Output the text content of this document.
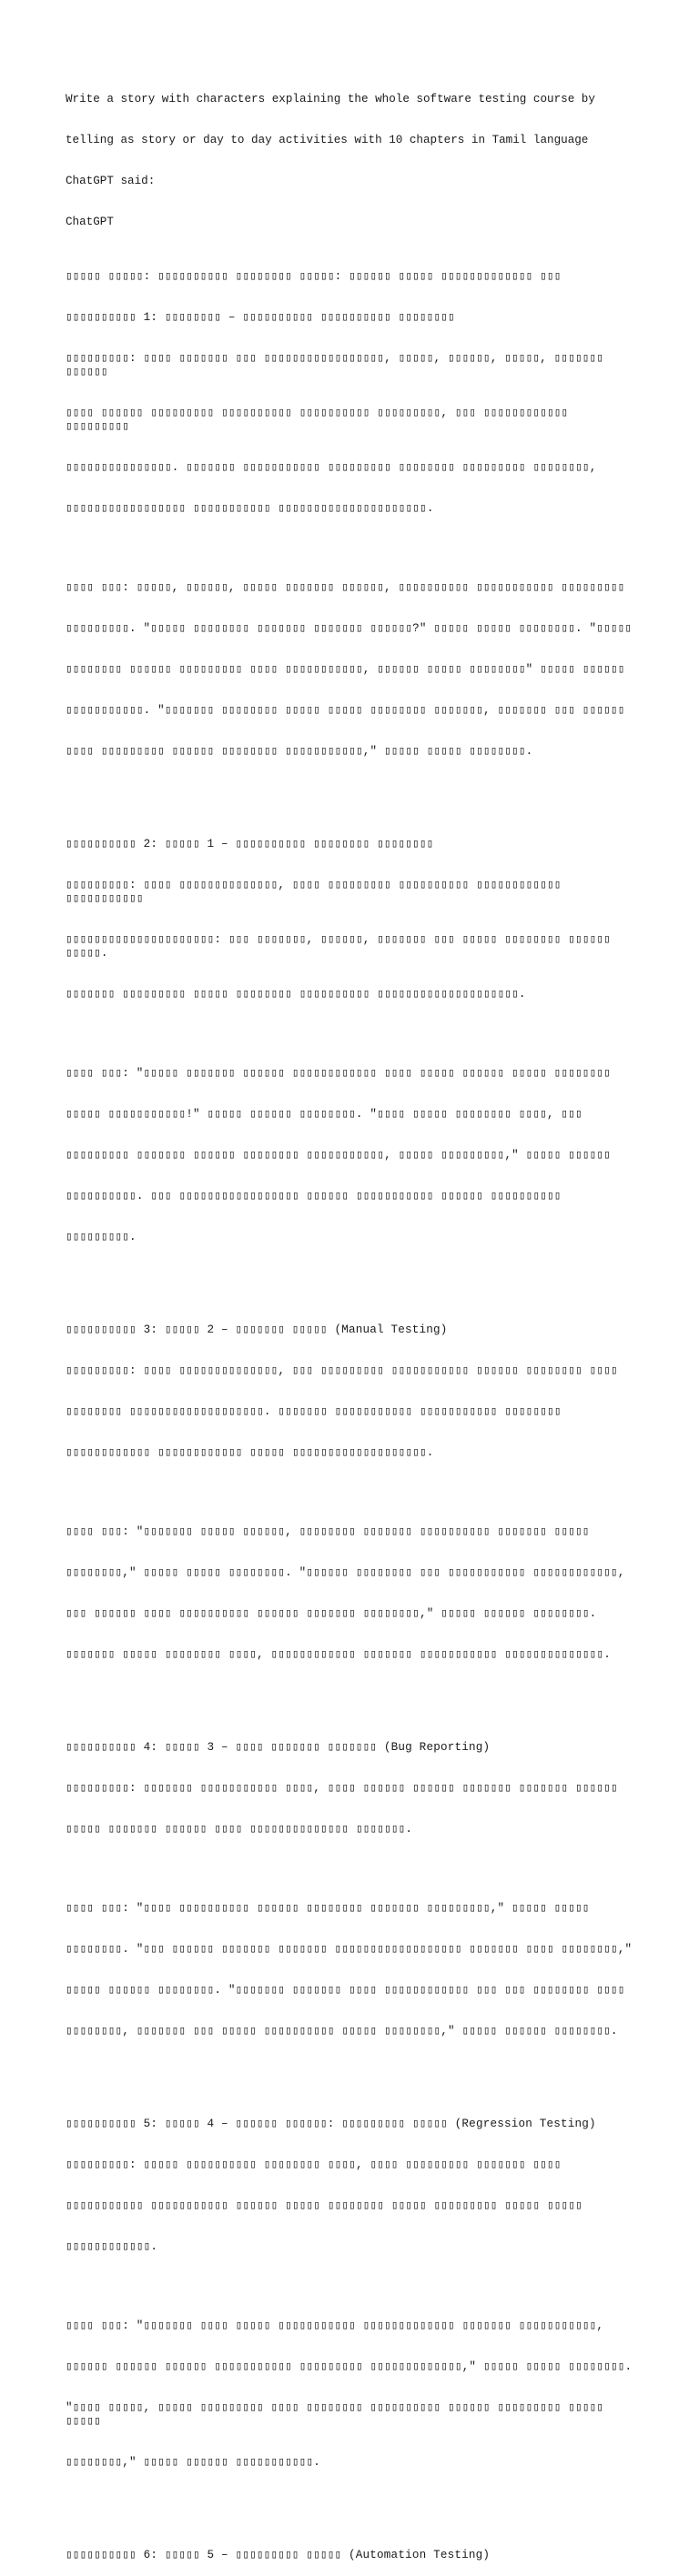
Write a story with characters explaining the whole software testing course by

telling as story or day to day activities with 10 chapters in Tamil language

ChatGPT said:

ChatGPT

▯▯▯▯▯ ▯▯▯▯▯: ▯▯▯▯▯▯▯▯▯▯ ▯▯▯▯▯▯▯▯ ▯▯▯▯▯: ▯▯▯▯▯▯ ▯▯▯▯▯ ▯▯▯▯▯▯▯▯▯▯▯▯▯ ▯▯▯

▯▯▯▯▯▯▯▯▯▯ 1: ▯▯▯▯▯▯▯▯ – ▯▯▯▯▯▯▯▯▯▯ ▯▯▯▯▯▯▯▯▯▯ ▯▯▯▯▯▯▯▯

▯▯▯▯▯▯▯▯▯: ▯▯▯▯ ▯▯▯▯▯▯▯ ▯▯▯ ▯▯▯▯▯▯▯▯▯▯▯▯▯▯▯▯▯, ▯▯▯▯▯, ▯▯▯▯▯▯, ▯▯▯▯▯, ▯▯▯▯▯▯▯ ▯▯▯▯▯▯

▯▯▯▯ ▯▯▯▯▯▯ ▯▯▯▯▯▯▯▯▯ ▯▯▯▯▯▯▯▯▯▯ ▯▯▯▯▯▯▯▯▯▯ ▯▯▯▯▯▯▯▯▯, ▯▯▯ ▯▯▯▯▯▯▯▯▯▯▯▯ ▯▯▯▯▯▯▯▯▯

▯▯▯▯▯▯▯▯▯▯▯▯▯▯▯. ▯▯▯▯▯▯▯ ▯▯▯▯▯▯▯▯▯▯▯ ▯▯▯▯▯▯▯▯▯ ▯▯▯▯▯▯▯▯ ▯▯▯▯▯▯▯▯▯ ▯▯▯▯▯▯▯▯,

▯▯▯▯▯▯▯▯▯▯▯▯▯▯▯▯▯ ▯▯▯▯▯▯▯▯▯▯▯ ▯▯▯▯▯▯▯▯▯▯▯▯▯▯▯▯▯▯▯▯▯.

▯▯▯▯ ▯▯▯: ▯▯▯▯▯, ▯▯▯▯▯▯, ▯▯▯▯▯ ▯▯▯▯▯▯▯ ▯▯▯▯▯▯, ▯▯▯▯▯▯▯▯▯▯ ▯▯▯▯▯▯▯▯▯▯▯ ▯▯▯▯▯▯▯▯▯

▯▯▯▯▯▯▯▯▯. "▯▯▯▯▯ ▯▯▯▯▯▯▯▯ ▯▯▯▯▯▯▯ ▯▯▯▯▯▯▯ ▯▯▯▯▯▯?" ▯▯▯▯▯ ▯▯▯▯▯ ▯▯▯▯▯▯▯▯. "▯▯▯▯▯

▯▯▯▯▯▯▯▯ ▯▯▯▯▯▯ ▯▯▯▯▯▯▯▯▯ ▯▯▯▯ ▯▯▯▯▯▯▯▯▯▯▯, ▯▯▯▯▯▯ ▯▯▯▯▯ ▯▯▯▯▯▯▯▯" ▯▯▯▯▯ ▯▯▯▯▯▯

▯▯▯▯▯▯▯▯▯▯▯. "▯▯▯▯▯▯▯ ▯▯▯▯▯▯▯▯ ▯▯▯▯▯ ▯▯▯▯▯ ▯▯▯▯▯▯▯▯ ▯▯▯▯▯▯▯, ▯▯▯▯▯▯▯ ▯▯▯ ▯▯▯▯▯▯

▯▯▯▯ ▯▯▯▯▯▯▯▯▯ ▯▯▯▯▯▯ ▯▯▯▯▯▯▯▯ ▯▯▯▯▯▯▯▯▯▯▯," ▯▯▯▯▯ ▯▯▯▯▯ ▯▯▯▯▯▯▯▯.

▯▯▯▯▯▯▯▯▯▯ 2: ▯▯▯▯▯ 1 – ▯▯▯▯▯▯▯▯▯▯ ▯▯▯▯▯▯▯▯ ▯▯▯▯▯▯▯▯

▯▯▯▯▯▯▯▯▯: ▯▯▯▯ ▯▯▯▯▯▯▯▯▯▯▯▯▯▯, ▯▯▯▯ ▯▯▯▯▯▯▯▯▯ ▯▯▯▯▯▯▯▯▯▯ ▯▯▯▯▯▯▯▯▯▯▯▯ ▯▯▯▯▯▯▯▯▯▯▯

▯▯▯▯▯▯▯▯▯▯▯▯▯▯▯▯▯▯▯▯▯: ▯▯▯ ▯▯▯▯▯▯▯, ▯▯▯▯▯▯, ▯▯▯▯▯▯▯ ▯▯▯ ▯▯▯▯▯ ▯▯▯▯▯▯▯▯ ▯▯▯▯▯▯ ▯▯▯▯▯.

▯▯▯▯▯▯▯ ▯▯▯▯▯▯▯▯▯ ▯▯▯▯▯ ▯▯▯▯▯▯▯▯ ▯▯▯▯▯▯▯▯▯▯ ▯▯▯▯▯▯▯▯▯▯▯▯▯▯▯▯▯▯▯▯.

▯▯▯▯ ▯▯▯: "▯▯▯▯▯ ▯▯▯▯▯▯▯ ▯▯▯▯▯▯ ▯▯▯▯▯▯▯▯▯▯▯▯ ▯▯▯▯ ▯▯▯▯▯ ▯▯▯▯▯▯ ▯▯▯▯▯ ▯▯▯▯▯▯▯▯

▯▯▯▯▯ ▯▯▯▯▯▯▯▯▯▯▯!" ▯▯▯▯▯ ▯▯▯▯▯▯ ▯▯▯▯▯▯▯▯. "▯▯▯▯ ▯▯▯▯▯ ▯▯▯▯▯▯▯▯ ▯▯▯▯, ▯▯▯

▯▯▯▯▯▯▯▯▯ ▯▯▯▯▯▯▯ ▯▯▯▯▯▯ ▯▯▯▯▯▯▯▯ ▯▯▯▯▯▯▯▯▯▯▯, ▯▯▯▯▯ ▯▯▯▯▯▯▯▯▯," ▯▯▯▯▯ ▯▯▯▯▯▯

▯▯▯▯▯▯▯▯▯▯. ▯▯▯ ▯▯▯▯▯▯▯▯▯▯▯▯▯▯▯▯▯ ▯▯▯▯▯▯ ▯▯▯▯▯▯▯▯▯▯▯ ▯▯▯▯▯▯ ▯▯▯▯▯▯▯▯▯▯

▯▯▯▯▯▯▯▯▯.

▯▯▯▯▯▯▯▯▯▯ 3: ▯▯▯▯▯ 2 – ▯▯▯▯▯▯▯ ▯▯▯▯▯ (Manual Testing)

▯▯▯▯▯▯▯▯▯: ▯▯▯▯ ▯▯▯▯▯▯▯▯▯▯▯▯▯▯, ▯▯▯ ▯▯▯▯▯▯▯▯▯ ▯▯▯▯▯▯▯▯▯▯▯ ▯▯▯▯▯▯ ▯▯▯▯▯▯▯▯ ▯▯▯▯

▯▯▯▯▯▯▯▯ ▯▯▯▯▯▯▯▯▯▯▯▯▯▯▯▯▯▯▯. ▯▯▯▯▯▯▯ ▯▯▯▯▯▯▯▯▯▯▯ ▯▯▯▯▯▯▯▯▯▯▯ ▯▯▯▯▯▯▯▯

▯▯▯▯▯▯▯▯▯▯▯▯ ▯▯▯▯▯▯▯▯▯▯▯▯ ▯▯▯▯▯ ▯▯▯▯▯▯▯▯▯▯▯▯▯▯▯▯▯▯▯.

▯▯▯▯ ▯▯▯: "▯▯▯▯▯▯▯ ▯▯▯▯▯ ▯▯▯▯▯▯, ▯▯▯▯▯▯▯▯ ▯▯▯▯▯▯▯ ▯▯▯▯▯▯▯▯▯▯ ▯▯▯▯▯▯▯ ▯▯▯▯▯

▯▯▯▯▯▯▯▯," ▯▯▯▯▯ ▯▯▯▯▯ ▯▯▯▯▯▯▯▯. "▯▯▯▯▯▯ ▯▯▯▯▯▯▯▯ ▯▯▯ ▯▯▯▯▯▯▯▯▯▯▯ ▯▯▯▯▯▯▯▯▯▯▯▯,

▯▯▯ ▯▯▯▯▯▯ ▯▯▯▯ ▯▯▯▯▯▯▯▯▯▯ ▯▯▯▯▯▯ ▯▯▯▯▯▯▯ ▯▯▯▯▯▯▯▯," ▯▯▯▯▯ ▯▯▯▯▯▯ ▯▯▯▯▯▯▯▯.

▯▯▯▯▯▯▯ ▯▯▯▯▯ ▯▯▯▯▯▯▯▯ ▯▯▯▯, ▯▯▯▯▯▯▯▯▯▯▯▯ ▯▯▯▯▯▯▯ ▯▯▯▯▯▯▯▯▯▯▯ ▯▯▯▯▯▯▯▯▯▯▯▯▯▯.

▯▯▯▯▯▯▯▯▯▯ 4: ▯▯▯▯▯ 3 – ▯▯▯▯ ▯▯▯▯▯▯▯ ▯▯▯▯▯▯▯ (Bug Reporting)

▯▯▯▯▯▯▯▯▯: ▯▯▯▯▯▯▯ ▯▯▯▯▯▯▯▯▯▯▯ ▯▯▯▯, ▯▯▯▯ ▯▯▯▯▯▯ ▯▯▯▯▯▯ ▯▯▯▯▯▯▯ ▯▯▯▯▯▯▯ ▯▯▯▯▯▯

▯▯▯▯▯ ▯▯▯▯▯▯▯ ▯▯▯▯▯▯ ▯▯▯▯ ▯▯▯▯▯▯▯▯▯▯▯▯▯▯ ▯▯▯▯▯▯▯.

▯▯▯▯ ▯▯▯: "▯▯▯▯ ▯▯▯▯▯▯▯▯▯▯ ▯▯▯▯▯▯ ▯▯▯▯▯▯▯▯ ▯▯▯▯▯▯▯ ▯▯▯▯▯▯▯▯▯," ▯▯▯▯▯ ▯▯▯▯▯

▯▯▯▯▯▯▯▯. "▯▯▯ ▯▯▯▯▯▯ ▯▯▯▯▯▯▯ ▯▯▯▯▯▯▯ ▯▯▯▯▯▯▯▯▯▯▯▯▯▯▯▯▯▯ ▯▯▯▯▯▯▯ ▯▯▯▯ ▯▯▯▯▯▯▯▯,"

▯▯▯▯▯ ▯▯▯▯▯▯ ▯▯▯▯▯▯▯▯. "▯▯▯▯▯▯▯ ▯▯▯▯▯▯▯ ▯▯▯▯ ▯▯▯▯▯▯▯▯▯▯▯▯ ▯▯▯ ▯▯▯ ▯▯▯▯▯▯▯▯ ▯▯▯▯

▯▯▯▯▯▯▯▯, ▯▯▯▯▯▯▯ ▯▯▯ ▯▯▯▯▯ ▯▯▯▯▯▯▯▯▯▯ ▯▯▯▯▯ ▯▯▯▯▯▯▯▯," ▯▯▯▯▯ ▯▯▯▯▯▯ ▯▯▯▯▯▯▯▯.

▯▯▯▯▯▯▯▯▯▯ 5: ▯▯▯▯▯ 4 – ▯▯▯▯▯▯ ▯▯▯▯▯▯: ▯▯▯▯▯▯▯▯▯ ▯▯▯▯▯ (Regression Testing)

▯▯▯▯▯▯▯▯▯: ▯▯▯▯▯ ▯▯▯▯▯▯▯▯▯▯ ▯▯▯▯▯▯▯▯ ▯▯▯▯, ▯▯▯▯ ▯▯▯▯▯▯▯▯▯ ▯▯▯▯▯▯▯ ▯▯▯▯

▯▯▯▯▯▯▯▯▯▯▯ ▯▯▯▯▯▯▯▯▯▯▯ ▯▯▯▯▯▯ ▯▯▯▯▯ ▯▯▯▯▯▯▯▯ ▯▯▯▯▯ ▯▯▯▯▯▯▯▯▯ ▯▯▯▯▯ ▯▯▯▯▯

▯▯▯▯▯▯▯▯▯▯▯▯.

▯▯▯▯ ▯▯▯: "▯▯▯▯▯▯▯ ▯▯▯▯ ▯▯▯▯▯ ▯▯▯▯▯▯▯▯▯▯▯ ▯▯▯▯▯▯▯▯▯▯▯▯▯ ▯▯▯▯▯▯▯ ▯▯▯▯▯▯▯▯▯▯▯,

▯▯▯▯▯▯ ▯▯▯▯▯▯ ▯▯▯▯▯▯ ▯▯▯▯▯▯▯▯▯▯▯ ▯▯▯▯▯▯▯▯▯ ▯▯▯▯▯▯▯▯▯▯▯▯▯," ▯▯▯▯▯ ▯▯▯▯▯ ▯▯▯▯▯▯▯▯.

"▯▯▯▯ ▯▯▯▯▯, ▯▯▯▯▯ ▯▯▯▯▯▯▯▯▯ ▯▯▯▯ ▯▯▯▯▯▯▯▯ ▯▯▯▯▯▯▯▯▯▯ ▯▯▯▯▯▯ ▯▯▯▯▯▯▯▯▯ ▯▯▯▯▯ ▯▯▯▯▯

▯▯▯▯▯▯▯▯," ▯▯▯▯▯ ▯▯▯▯▯▯ ▯▯▯▯▯▯▯▯▯▯▯.

▯▯▯▯▯▯▯▯▯▯ 6: ▯▯▯▯▯ 5 – ▯▯▯▯▯▯▯▯▯ ▯▯▯▯▯ (Automation Testing)
